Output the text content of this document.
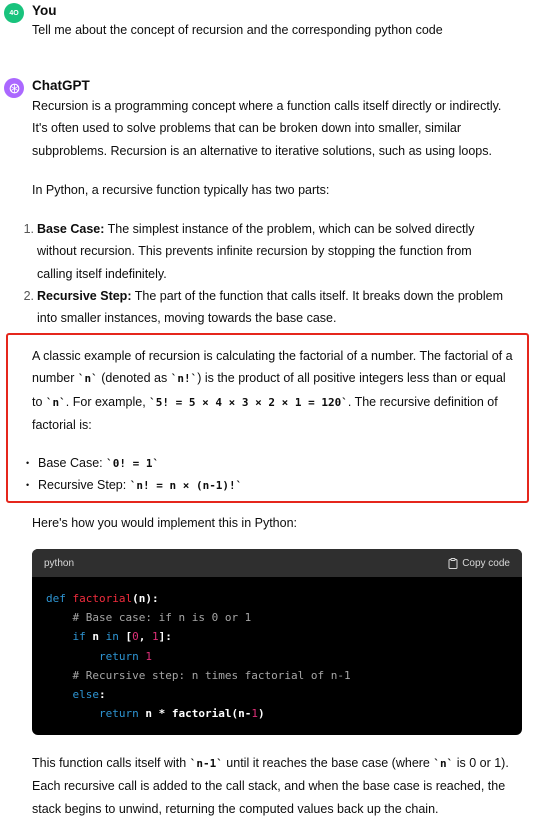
4O You
Tell me about the concept of recursion and the corresponding python code
ChatGPT
Recursion is a programming concept where a function calls itself directly or indirectly.
It's often used to solve problems that can be broken down into smaller, similar
subproblems. Recursion is an alternative to iterative solutions, such as using loops.
In Python, a recursive function typically has two parts:
1. Base Case: The simplest instance of the problem, which can be solved directly
without recursion. This prevents infinite recursion by stopping the function from
calling itself indefinitely.
2. Recursive Step: The part of the function that calls itself. It breaks down the problem
into smaller instances, moving towards the base case.
A classic example of recursion is calculating the factorial of a number. The factorial of a
number `n` (denoted as `n!`) is the product of all positive integers less than or equal
to `n`. For example, `5! = 5 × 4 × 3 × 2 × 1 = 120`. The recursive definition of
factorial is:
• Base Case: `0! = 1`
• Recursive Step: `n! = n × (n-1)!`
Here's how you would implement this in Python:
python	Copy code
def factorial(n):
# Base case: if n is 0 or 1
if n in [0, 1]:
return 1
# Recursive step: n times factorial of n-1
else:
return n * factorial(n-1)
This function calls itself with `n-1` until it reaches the base case (where `n` is 0 or 1).
Each recursive call is added to the call stack, and when the base case is reached, the
stack begins to unwind, returning the computed values back up the chain.
